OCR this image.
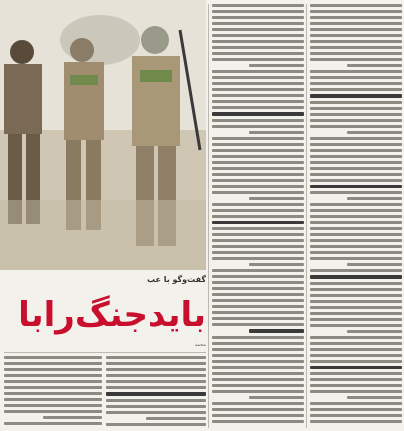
گفت‌وگو با عب
بایدجنگ‌رابا
محمد
